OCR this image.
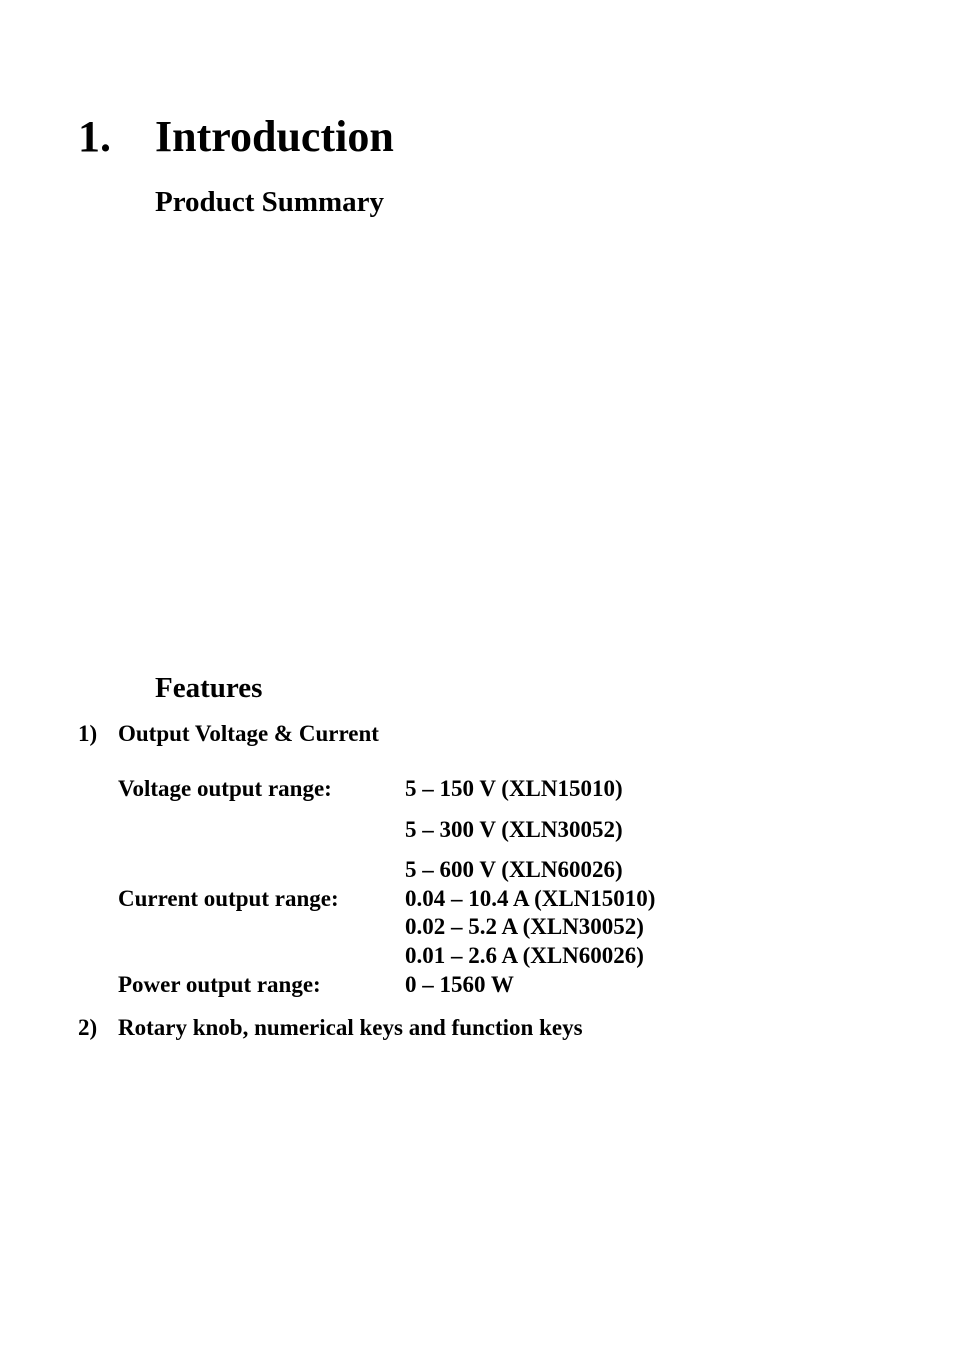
1. Introduction
Product Summary
Features
1) Output Voltage & Current
Voltage output range:	5 – 150 V (XLN15010)
5 – 300 V (XLN30052)
5 – 600 V (XLN60026)
Current output range:	0.04 – 10.4 A (XLN15010)
0.02 – 5.2 A (XLN30052)
0.01 – 2.6 A (XLN60026)
Power output range:	0 – 1560 W
2) Rotary knob, numerical keys and function keys
